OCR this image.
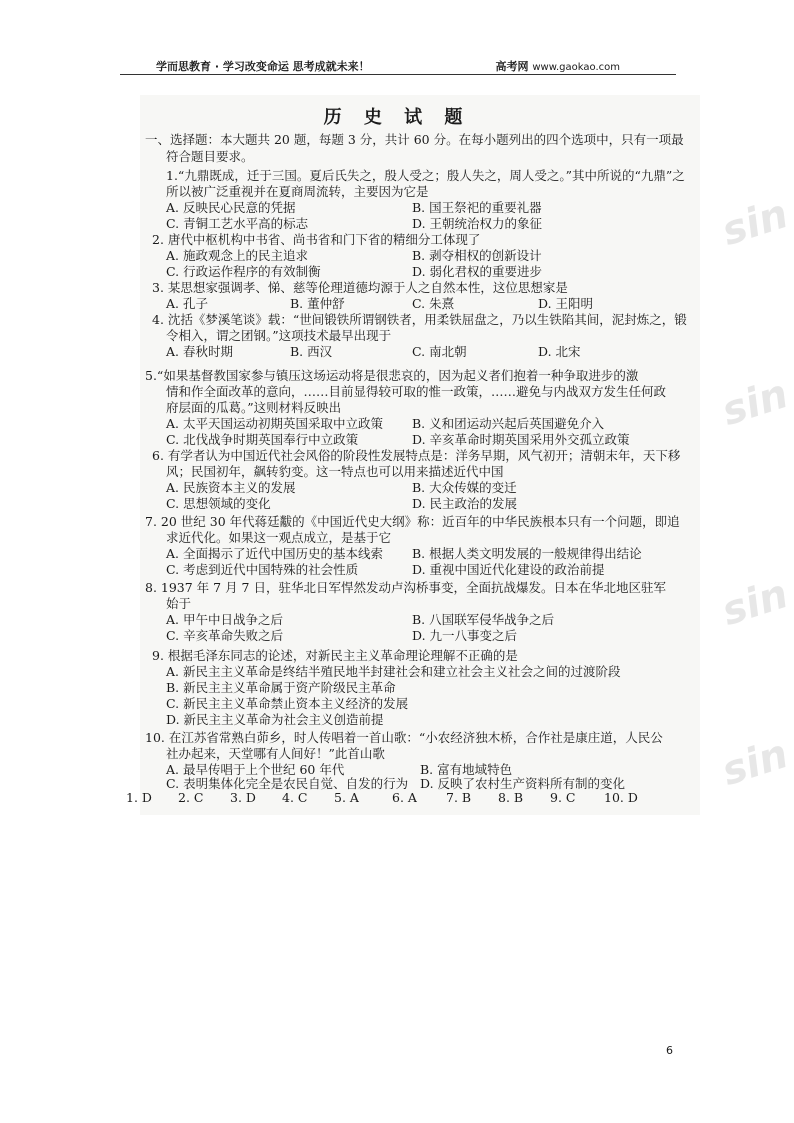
学而思教育 · 学习改变命运 思考成就未来！	高考网 www.gaokao.com
sin
sin
sin
sin
历 史 试 题
一、选择题：本大题共 20 题，每题 3 分，共计 60 分。在每小题列出的四个选项中，只有一项最
符合题目要求。
1.“九鼎既成，迁于三国。夏后氏失之，殷人受之；殷人失之，周人受之。”其中所说的“九鼎”之
所以被广泛重视并在夏商周流转，主要因为它是
A. 反映民心民意的凭据	B. 国王祭祀的重要礼器
C. 青铜工艺水平高的标志	D. 王朝统治权力的象征
2. 唐代中枢机构中书省、尚书省和门下省的精细分工体现了
A. 施政观念上的民主追求	B. 剥夺相权的创新设计
C. 行政运作程序的有效制衡	D. 弱化君权的重要进步
3. 某思想家强调孝、悌、慈等伦理道德均源于人之自然本性，这位思想家是
A. 孔子	B. 董仲舒	C. 朱熹	D. 王阳明
4. 沈括《梦溪笔谈》载：“世间锻铁所谓钢铁者，用柔铁屈盘之，乃以生铁陷其间，泥封炼之，锻
令相入，谓之团钢。”这项技术最早出现于
A. 春秋时期	B. 西汉	C. 南北朝	D. 北宋
5.“如果基督教国家参与镇压这场运动将是很悲哀的，因为起义者们抱着一种争取进步的激
情和作全面改革的意向，……目前显得较可取的惟一政策，……避免与内战双方发生任何政
府层面的瓜葛。”这则材料反映出
A. 太平天国运动初期英国采取中立政策 B. 义和团运动兴起后英国避免介入
C. 北伐战争时期英国奉行中立政策	D. 辛亥革命时期英国采用外交孤立政策
6. 有学者认为中国近代社会风俗的阶段性发展特点是：洋务早期，风气初开；清朝末年，天下移
风；民国初年，飙转豹变。这一特点也可以用来描述近代中国
A. 民族资本主义的发展	B. 大众传媒的变迁
C. 思想领域的变化	D. 民主政治的发展
7. 20 世纪 30 年代蒋廷黻的《中国近代史大纲》称：近百年的中华民族根本只有一个问题，即追
求近代化。如果这一观点成立，是基于它
A. 全面揭示了近代中国历史的基本线索 B. 根据人类文明发展的一般规律得出结论
C. 考虑到近代中国特殊的社会性质	D. 重视中国近代化建设的政治前提
8. 1937 年 7 月 7 日，驻华北日军悍然发动卢沟桥事变，全面抗战爆发。日本在华北地区驻军
始于
A. 甲午中日战争之后	B. 八国联军侵华战争之后
C. 辛亥革命失败之后	D. 九一八事变之后
9. 根据毛泽东同志的论述，对新民主主义革命理论理解不正确的是
A. 新民主主义革命是终结半殖民地半封建社会和建立社会主义社会之间的过渡阶段
B. 新民主主义革命属于资产阶级民主革命
C. 新民主主义革命禁止资本主义经济的发展
D. 新民主主义革命为社会主义创造前提
10. 在江苏省常熟白茆乡，时人传唱着一首山歌：“小农经济独木桥，合作社是康庄道，人民公
社办起来，天堂哪有人间好！”此首山歌
A. 最早传唱于上个世纪 60 年代	B. 富有地域特色
C. 表明集体化完全是农民自觉、自发的行为 D. 反映了农村生产资料所有制的变化
1. D 2. C 3. D 4. C 5. A	6. A 7. B 8. B 9. C 10. D
6
